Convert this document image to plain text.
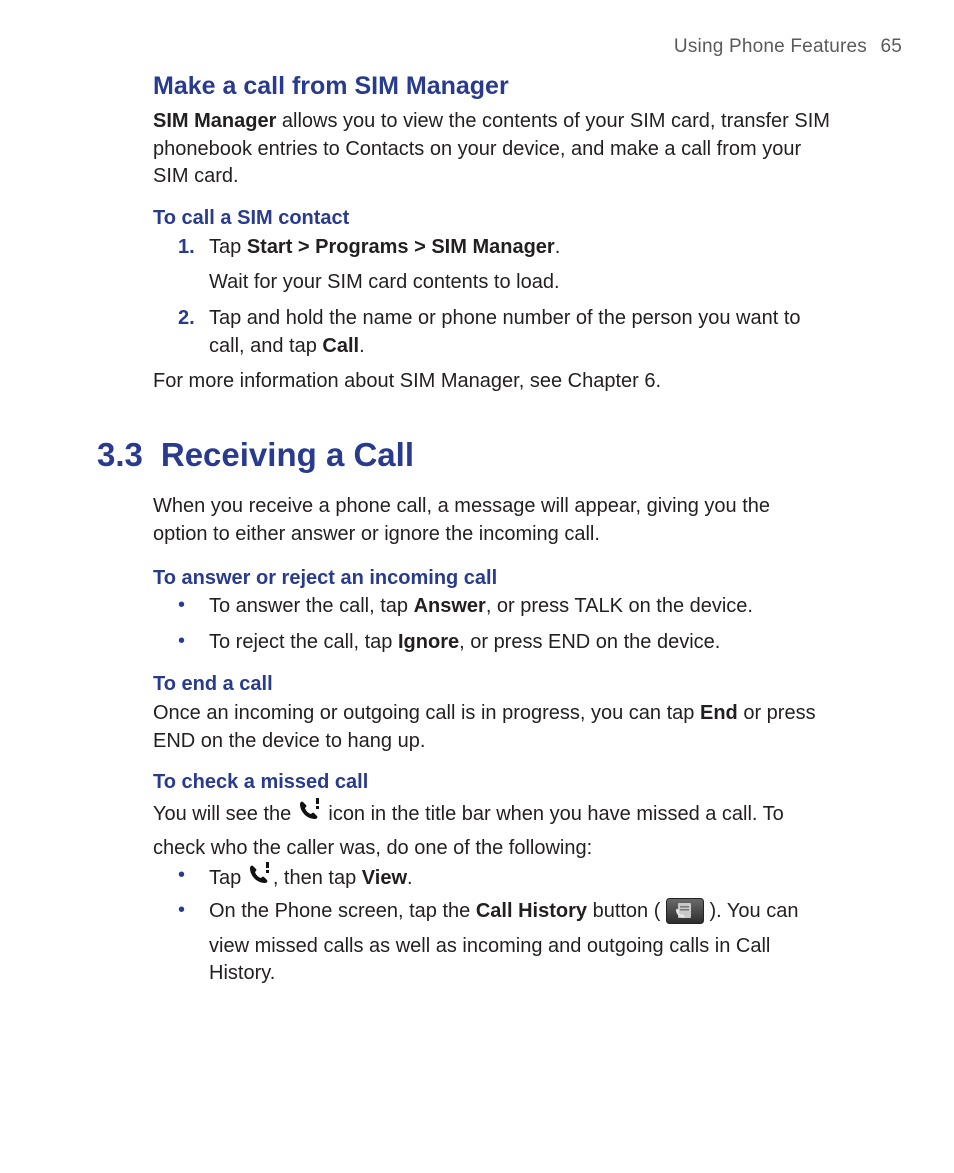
Using Phone Features 65
Make a call from SIM Manager
SIM Manager allows you to view the contents of your SIM card, transfer SIM
phonebook entries to Contacts on your device, and make a call from your
SIM card.
To call a SIM contact
1. Tap Start > Programs > SIM Manager.
Wait for your SIM card contents to load.
2. Tap and hold the name or phone number of the person you want to
call, and tap Call.
For more information about SIM Manager, see Chapter 6.
3.3 Receiving a Call
When you receive a phone call, a message will appear, giving you the
option to either answer or ignore the incoming call.
To answer or reject an incoming call
• To answer the call, tap Answer, or press TALK on the device.
• To reject the call, tap Ignore, or press END on the device.
To end a call
Once an incoming or outgoing call is in progress, you can tap End or press
END on the device to hang up.
To check a missed call
You will see the  icon in the title bar when you have missed a call. To
check who the caller was, do one of the following:
• Tap , then tap View.
• On the Phone screen, tap the Call History button (  ). You can
view missed calls as well as incoming and outgoing calls in Call
History.
